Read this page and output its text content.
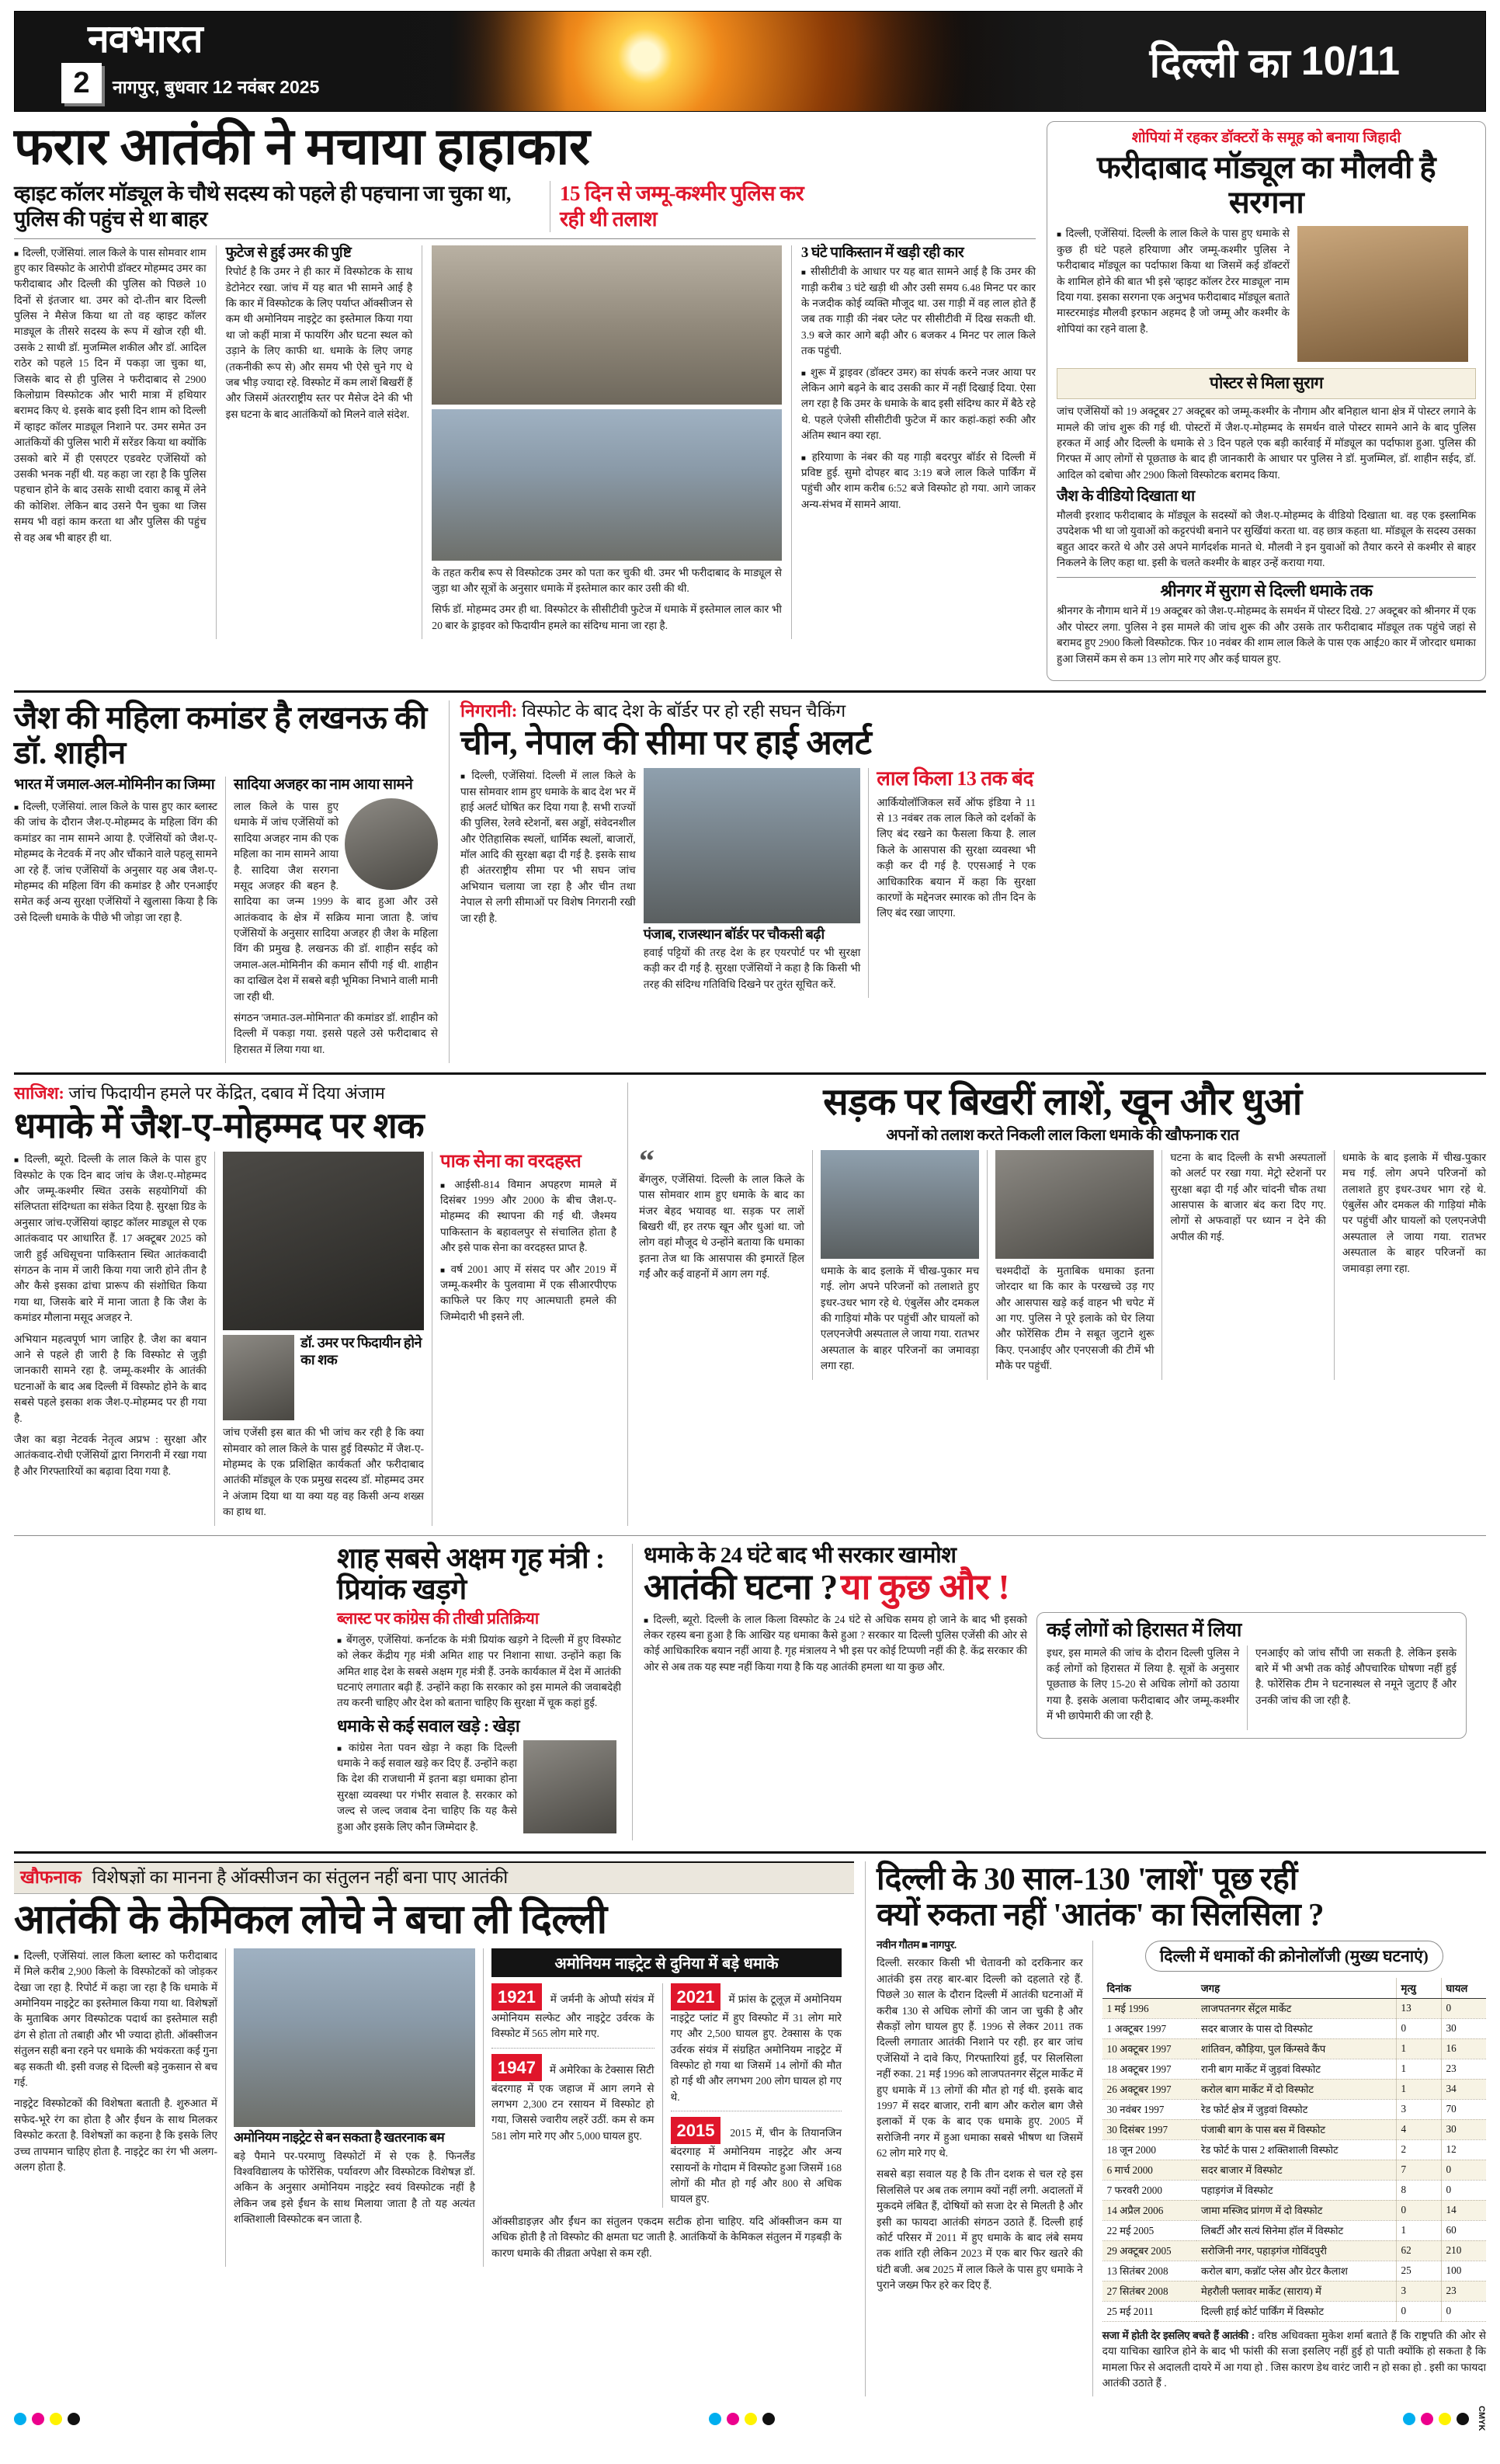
नवभारत
2	नागपुर, बुधवार 12 नवंबर 2025
दिल्ली का 10/11
फरार आतंकी ने मचाया हाहाकार
व्हाइट कॉलर मॉड्यूल के चौथे सदस्य को पहले ही पहचाना जा चुका था, पुलिस की पहुंच से था बाहर
15 दिन से जम्मू-कश्मीर पुलिस कर रही थी तलाश

■ दिल्ली, एजेंसियां. लाल किले के पास सोमवार शाम हुए कार विस्फोट के आरोपी डॉक्टर मोहम्मद उमर का फरीदाबाद और दिल्ली की पुलिस को पिछले 10 दिनों से इंतजार था. उमर को दो-तीन बार दिल्ली पुलिस ने मैसेज किया था तो वह व्हाइट कॉलर माड्यूल के तीसरे सदस्य के रूप में खोज रही थी. उसके 2 साथी डॉ. मुजम्मिल शकील और डॉ. आदिल राठेर को पहले 15 दिन में पकड़ा जा चुका था, जिसके बाद से ही पुलिस ने फरीदाबाद से 2900 किलोग्राम विस्फोटक और भारी मात्रा में हथियार बरामद किए थे. इसके बाद इसी दिन शाम को दिल्ली में व्हाइट कॉलर माड्यूल निशाने पर. उमर समेत उन आतंकियों की पुलिस भारी में सरेंडर किया था क्योंकि उसको बारे में ही एसएटर एडवरेट एजेंसियों को उसकी भनक नहीं थी. यह कहा जा रहा है कि पुलिस पहचान होने के बाद उसके साथी दवारा काबू में लेने की कोशिश. लेकिन बाद उसने पैन चुका था जिस समय भी वहां काम करता था और पुलिस की पहुंच से वह अब भी बाहर ही था.

फुटेज से हुई उमर की पुष्टि

रिपोर्ट है कि उमर ने ही कार में विस्फोटक के साथ डेटोनेटर रखा. जांच में यह बात भी सामने आई है कि कार में विस्फोटक के लिए पर्याप्त ऑक्सीजन से कम थी अमोनियम नाइट्रेट का इस्तेमाल किया गया था जो कहीं मात्रा में फायरिंग और घटना स्थल को उड़ाने के लिए काफी था. धमाके के लिए जगह (तकनीकी रूप से) और समय भी ऐसे चुने गए थे जब भीड़ ज्यादा रहे. विस्फोट में कम लाशें बिखरीं हैं और जिसमें अंतरराष्ट्रीय स्तर पर मैसेज देने की भी इस घटना के बाद आतंकियों को मिलने वाले संदेश.

के तहत करीब रूप से विस्फोटक उमर को पता कर चुकी थी. उमर भी फरीदाबाद के माड्यूल से जुड़ा था और सूत्रों के अनुसार धमाके में इस्तेमाल कार कार उसी की थी.

सिर्फ डॉ. मोहम्मद उमर ही था. विस्फोटर के सीसीटीवी फुटेज में धमाके में इस्तेमाल लाल कार भी 20 बार के ड्राइवर को फिदायीन हमले का संदिग्ध माना जा रहा है.

3 घंटे पाकिस्तान में खड़ी रही कार

■ सीसीटीवी के आधार पर यह बात सामने आई है कि उमर की गाड़ी करीब 3 घंटे खड़ी थी और उसी समय 6.48 मिनट पर कार के नजदीक कोई व्यक्ति मौजूद था. उस गाड़ी में वह लाल होते हैं जब तक गाड़ी की नंबर प्लेट पर सीसीटीवी में दिख सकती थी. 3.9 बजे कार आगे बढ़ी और 6 बजकर 4 मिनट पर लाल किले तक पहुंची.

■ शुरू में ड्राइवर (डॉक्टर उमर) का संपर्क करने नजर आया पर लेकिन आगे बढ़ने के बाद उसकी कार में नहीं दिखाई दिया. ऐसा लग रहा है कि उमर के धमाके के बाद इसी संदिग्ध कार में बैठे रहे थे. पहले एंजेसी सीसीटीवी फुटेज में कार कहां-कहां रुकी और अंतिम स्थान क्या रहा.

■ हरियाणा के नंबर की यह गाड़ी बदरपुर बॉर्डर से दिल्ली में प्रविष्ट हुई. सुमो दोपहर बाद 3:19 बजे लाल किले पार्किंग में पहुंची और शाम करीब 6:52 बजे विस्फोट हो गया. आगे जाकर अन्य-संभव में सामने आया.

शोपियां में रहकर डॉक्टरों के समूह को बनाया जिहादी
फरीदाबाद मॉड्यूल का मौलवी है सरगना

■ दिल्ली, एजेंसियां. दिल्ली के लाल किले के पास हुए धमाके से कुछ ही घंटे पहले हरियाणा और जम्मू-कश्मीर पुलिस ने फरीदाबाद मॉड्यूल का पर्दाफाश किया था जिसमें कई डॉक्टरों के शामिल होने की बात भी इसे 'व्हाइट कॉलर टेरर माड्यूल' नाम दिया गया. इसका सरगना एक अनुभव फरीदाबाद मॉड्यूल बताते मास्टरमाइंड मौलवी इरफान अहमद है जो जम्मू और कश्मीर के शोपियां का रहने वाला है.

पोस्टर से मिला सुराग

जांच एजेंसियों को 19 अक्टूबर 27 अक्टूबर को जम्मू-कश्मीर के नौगाम और बनिहाल थाना क्षेत्र में पोस्टर लगाने के मामले की जांच शुरू की गई थी. पोस्टरों में जैश-ए-मोहम्मद के समर्थन वाले पोस्टर सामने आने के बाद पुलिस हरकत में आई और दिल्ली के धमाके से 3 दिन पहले एक बड़ी कार्रवाई में मॉड्यूल का पर्दाफाश हुआ. पुलिस की गिरफ्त में आए लोगों से पूछताछ के बाद ही जानकारी के आधार पर पुलिस ने डॉ. मुजम्मिल, डॉ. शाहीन सईद, डॉ. आदिल को दबोचा और 2900 किलो विस्फोटक बरामद किया.

जैश के वीडियो दिखाता था

मौलवी इरशाद फरीदाबाद के मॉड्यूल के सदस्यों को जैश-ए-मोहम्मद के वीडियो दिखाता था. वह एक इस्लामिक उपदेशक भी था जो युवाओं को कट्टरपंथी बनाने पर सुर्खियां करता था. वह छात्र कहता था. मॉड्यूल के सदस्य उसका बहुत आदर करते थे और उसे अपने मार्गदर्शक मानते थे. मौलवी ने इन युवाओं को तैयार करने से कश्मीर से बाहर निकलने के लिए कहा था. इसी के चलते कश्मीर के बाहर उन्हें कराया गया.

श्रीनगर में सुराग से दिल्ली धमाके तक

श्रीनगर के नौगाम थाने में 19 अक्टूबर को जैश-ए-मोहम्मद के समर्थन में पोस्टर दिखे. 27 अक्टूबर को श्रीनगर में एक और पोस्टर लगा. पुलिस ने इस मामले की जांच शुरू की और उसके तार फरीदाबाद मॉड्यूल तक पहुंचे जहां से बरामद हुए 2900 किलो विस्फोटक. फिर 10 नवंबर की शाम लाल किले के पास एक आई20 कार में जोरदार धमाका हुआ जिसमें कम से कम 13 लोग मारे गए और कई घायल हुए.

जैश की महिला कमांडर है लखनऊ की डॉ. शाहीन
भारत में जमाल-अल-मोमिनीन का जिम्मा

■ दिल्ली, एजेंसियां. लाल किले के पास हुए कार ब्लास्ट की जांच के दौरान जैश-ए-मोहम्मद के महिला विंग की कमांडर का नाम सामने आया है. एजेंसियों को जैश-ए-मोहम्मद के नेटवर्क में नए और चौंकाने वाले पहलू सामने आ रहे हैं. जांच एजेंसियों के अनुसार यह अब जैश-ए-मोहम्मद की महिला विंग की कमांडर है और एनआईए समेत कई अन्य सुरक्षा एजेंसियों ने खुलासा किया है कि उसे दिल्ली धमाके के पीछे भी जोड़ा जा रहा है.

सादिया अजहर का नाम आया सामने

लाल किले के पास हुए धमाके में जांच एजेंसियों को सादिया अजहर नाम की एक महिला का नाम सामने आया है. सादिया जैश सरगना मसूद अजहर की बहन है. सादिया का जन्म 1999 के बाद हुआ और उसे आतंकवाद के क्षेत्र में सक्रिय माना जाता है. जांच एजेंसियों के अनुसार सादिया अजहर ही जैश के महिला विंग की प्रमुख है. लखनऊ की डॉ. शाहीन सईद को जमाल-अल-मोमिनीन की कमान सौंपी गई थी. शाहीन का दाखिल देश में सबसे बड़ी भूमिका निभाने वाली मानी जा रही थी.

संगठन 'जमात-उल-मोमिनात' की कमांडर डॉ. शाहीन को दिल्ली में पकड़ा गया. इससे पहले उसे फरीदाबाद से हिरासत में लिया गया था.

निगरानी: विस्फोट के बाद देश के बॉर्डर पर हो रही सघन चैकिंग
चीन, नेपाल की सीमा पर हाई अलर्ट

■ दिल्ली, एजेंसियां. दिल्ली में लाल किले के पास सोमवार शाम हुए धमाके के बाद देश भर में हाई अलर्ट घोषित कर दिया गया है. सभी राज्यों की पुलिस, रेलवे स्टेशनों, बस अड्डों, संवेदनशील और ऐतिहासिक स्थलों, धार्मिक स्थलों, बाजारों, मॉल आदि की सुरक्षा बढ़ा दी गई है. इसके साथ ही अंतरराष्ट्रीय सीमा पर भी सघन जांच अभियान चलाया जा रहा है और चीन तथा नेपाल से लगी सीमाओं पर विशेष निगरानी रखी जा रही है.

पंजाब, राजस्थान बॉर्डर पर चौकसी बढ़ी

हवाई पट्टियों की तरह देश के हर एयरपोर्ट पर भी सुरक्षा कड़ी कर दी गई है. सुरक्षा एजेंसियों ने कहा है कि किसी भी तरह की संदिग्ध गतिविधि दिखने पर तुरंत सूचित करें.

लाल किला 13 तक बंद

आर्कियोलॉजिकल सर्वे ऑफ इंडिया ने 11 से 13 नवंबर तक लाल किले को दर्शकों के लिए बंद रखने का फैसला किया है. लाल किले के आसपास की सुरक्षा व्यवस्था भी कड़ी कर दी गई है. एएसआई ने एक आधिकारिक बयान में कहा कि सुरक्षा कारणों के मद्देनजर स्मारक को तीन दिन के लिए बंद रखा जाएगा.

साजिश: जांच फिदायीन हमले पर केंद्रित, दबाव में दिया अंजाम
धमाके में जैश-ए-मोहम्मद पर शक

■ दिल्ली, ब्यूरो. दिल्ली के लाल किले के पास हुए विस्फोट के एक दिन बाद जांच के जैश-ए-मोहम्मद और जम्मू-कश्मीर स्थित उसके सहयोगियों की संलिप्तता संदिग्धता का संकेत दिया है. सुरक्षा ग्रिड के अनुसार जांच-एजेंसियां व्हाइट कॉलर माड्यूल से एक आतंकवाद पर आधारित हैं. 17 अक्टूबर 2025 को जारी हुई अधिसूचना पाकिस्तान स्थित आतंकवादी संगठन के नाम में जारी किया गया जारी होने तीन है और कैसे इसका ढांचा प्रारूप की संशोधित किया गया था, जिसके बारे में माना जाता है कि जैश के कमांडर मौलाना मसूद अजहर ने.

अभियान महत्वपूर्ण भाग जाहिर है. जैश का बयान आने से पहले ही जारी है कि विस्फोट से जुड़ी जानकारी सामने रहा है. जम्मू-कश्मीर के आतंकी घटनाओं के बाद अब दिल्ली में विस्फोट होने के बाद सबसे पहले इसका शक जैश-ए-मोहम्मद पर ही गया है.

जैश का बड़ा नेटवर्क नेतृत्व अप्रभ : सुरक्षा और आतंकवाद-रोधी एजेंसियों द्वारा निगरानी में रखा गया है और गिरफ्तारियों का बढ़ावा दिया गया है.

डॉ. उमर पर फिदायीन होने का शक

जांच एजेंसी इस बात की भी जांच कर रही है कि क्या सोमवार को लाल किले के पास हुई विस्फोट में जैश-ए-मोहम्मद के एक प्रशिक्षित कार्यकर्ता और फरीदाबाद आतंकी मॉड्यूल के एक प्रमुख सदस्य डॉ. मोहम्मद उमर ने अंजाम दिया था या क्या यह वह किसी अन्य शख्स का हाथ था.

पाक सेना का वरदहस्त

■ आईसी-814 विमान अपहरण मामले में दिसंबर 1999 और 2000 के बीच जैश-ए-मोहम्मद की स्थापना की गई थी. जैश्मय पाकिस्तान के बहावलपुर से संचालित होता है और इसे पाक सेना का वरदहस्त प्राप्त है.

■ वर्ष 2001 आए में संसद पर और 2019 में जम्मू-कश्मीर के पुलवामा में एक सीआरपीएफ काफिले पर किए गए आत्मघाती हमले की जिम्मेदारी भी इसने ली.

सड़क पर बिखरीं लाशें, खून और धुआं
अपनों को तलाश करते निकली लाल किला धमाके की खौफनाक रात
“

बेंगलुरु, एजेंसियां. दिल्ली के लाल किले के पास सोमवार शाम हुए धमाके के बाद का मंजर बेहद भयावह था. सड़क पर लाशें बिखरी थीं, हर तरफ खून और धुआं था. जो लोग वहां मौजूद थे उन्होंने बताया कि धमाका इतना तेज था कि आसपास की इमारतें हिल गईं और कई वाहनों में आग लग गई.	धमाके के बाद इलाके में चीख-पुकार मच गई. लोग अपने परिजनों को तलाशते हुए इधर-उधर भाग रहे थे. एंबुलेंस और दमकल की गाड़ियां मौके पर पहुंचीं और घायलों को एलएनजेपी अस्पताल ले जाया गया. रातभर अस्पताल के बाहर परिजनों का जमावड़ा लगा रहा.

चश्मदीदों के मुताबिक धमाका इतना जोरदार था कि कार के परखच्चे उड़ गए और आसपास खड़े कई वाहन भी चपेट में आ गए. पुलिस ने पूरे इलाके को घेर लिया और फोरेंसिक टीम ने सबूत जुटाने शुरू किए. एनआईए और एनएसजी की टीमें भी मौके पर पहुंचीं.

घटना के बाद दिल्ली के सभी अस्पतालों को अलर्ट पर रखा गया. मेट्रो स्टेशनों पर सुरक्षा बढ़ा दी गई और चांदनी चौक तथा आसपास के बाजार बंद करा दिए गए. लोगों से अफवाहों पर ध्यान न देने की अपील की गई.

धमाके के बाद इलाके में चीख-पुकार मच गई. लोग अपने परिजनों को तलाशते हुए इधर-उधर भाग रहे थे. एंबुलेंस और दमकल की गाड़ियां मौके पर पहुंचीं और घायलों को एलएनजेपी अस्पताल ले जाया गया. रातभर अस्पताल के बाहर परिजनों का जमावड़ा लगा रहा.

शाह सबसे अक्षम गृह मंत्री : प्रियांक खड़गे
ब्लास्ट पर कांग्रेस की तीखी प्रतिक्रिया

■ बेंगलुरु, एजेंसियां. कर्नाटक के मंत्री प्रियांक खड़गे ने दिल्ली में हुए विस्फोट को लेकर केंद्रीय गृह मंत्री अमित शाह पर निशाना साधा. उन्होंने कहा कि अमित शाह देश के सबसे अक्षम गृह मंत्री हैं. उनके कार्यकाल में देश में आतंकी घटनाएं लगातार बढ़ी हैं. उन्होंने कहा कि सरकार को इस मामले की जवाबदेही तय करनी चाहिए और देश को बताना चाहिए कि सुरक्षा में चूक कहां हुई.

धमाके से कई सवाल खड़े : खेड़ा

■ कांग्रेस नेता पवन खेड़ा ने कहा कि दिल्ली धमाके ने कई सवाल खड़े कर दिए हैं. उन्होंने कहा कि देश की राजधानी में इतना बड़ा धमाका होना सुरक्षा व्यवस्था पर गंभीर सवाल है. सरकार को जल्द से जल्द जवाब देना चाहिए कि यह कैसे हुआ और इसके लिए कौन जिम्मेदार है.

धमाके के 24 घंटे बाद भी सरकार खामोश
आतंकी घटना ? या कुछ और !

■ दिल्ली, ब्यूरो. दिल्ली के लाल किला विस्फोट के 24 घंटे से अधिक समय हो जाने के बाद भी इसको लेकर रहस्य बना हुआ है कि आखिर यह धमाका कैसे हुआ ? सरकार या दिल्ली पुलिस एजेंसी की ओर से कोई आधिकारिक बयान नहीं आया है. गृह मंत्रालय ने भी इस पर कोई टिप्पणी नहीं की है. केंद्र सरकार की ओर से अब तक यह स्पष्ट नहीं किया गया है कि यह आतंकी हमला था या कुछ और.

कई लोगों को हिरासत में लिया

इधर, इस मामले की जांच के दौरान दिल्ली पुलिस ने कई लोगों को हिरासत में लिया है. सूत्रों के अनुसार पूछताछ के लिए 15-20 से अधिक लोगों को उठाया गया है. इसके अलावा फरीदाबाद और जम्मू-कश्मीर में भी छापेमारी की जा रही है.

एनआईए को जांच सौंपी जा सकती है. लेकिन इसके बारे में भी अभी तक कोई औपचारिक घोषणा नहीं हुई है. फोरेंसिक टीम ने घटनास्थल से नमूने जुटाए हैं और उनकी जांच की जा रही है.

खौफनाक विशेषज्ञों का मानना है ऑक्सीजन का संतुलन नहीं बना पाए आतंकी
आतंकी के केमिकल लोचे ने बचा ली दिल्ली

■ दिल्ली, एजेंसियां. लाल किला ब्लास्ट को फरीदाबाद में मिले करीब 2,900 किलो के विस्फोटकों को जोड़कर देखा जा रहा है. रिपोर्ट में कहा जा रहा है कि धमाके में अमोनियम नाइट्रेट का इस्तेमाल किया गया था. विशेषज्ञों के मुताबिक अगर विस्फोटक पदार्थ का इस्तेमाल सही ढंग से होता तो तबाही और भी ज्यादा होती. ऑक्सीजन संतुलन सही बना रहने पर धमाके की भयंकरता कई गुना बढ़ सकती थी. इसी वजह से दिल्ली बड़े नुकसान से बच गई.

नाइट्रेट विस्फोटकों की विशेषता बताती है. शुरुआत में सफेद-भूरे रंग का होता है और ईंधन के साथ मिलकर विस्फोट करता है. विशेषज्ञों का कहना है कि इसके लिए उच्च तापमान चाहिए होता है. नाइट्रेट का रंग भी अलग-अलग होता है.

अमोनियम नाइट्रेट से बन सकता है खतरनाक बम

बड़े पैमाने पर-परमाणु विस्फोटों में से एक है. फिनलैंड विश्वविद्यालय के फोरेंसिक, पर्यावरण और विस्फोटक विशेषज्ञ डॉ. अकिन के अनुसार अमोनियम नाइट्रेट स्वयं विस्फोटक नहीं है लेकिन जब इसे ईंधन के साथ मिलाया जाता है तो यह अत्यंत शक्तिशाली विस्फोटक बन जाता है.

अमोनियम नाइट्रेट से दुनिया में बड़े धमाके
1921 में जर्मनी के ओप्पौ संयंत्र में अमोनियम सल्फेट और नाइट्रेट उर्वरक के विस्फोट में 565 लोग मारे गए.
1947 में अमेरिका के टेक्सास सिटी बंदरगाह में एक जहाज में आग लगने से लगभग 2,300 टन रसायन में विस्फोट हो गया, जिससे ज्वारीय लहरें उठीं. कम से कम 581 लोग मारे गए और 5,000 घायल हुए.
2021 में फ्रांस के टूलूज़ में अमोनियम नाइट्रेट प्लांट में हुए विस्फोट में 31 लोग मारे गए और 2,500 घायल हुए. टेक्सास के एक उर्वरक संयंत्र में संग्रहित अमोनियम नाइट्रेट में विस्फोट हो गया था जिसमें 14 लोगों की मौत हो गई थी और लगभग 200 लोग घायल हो गए थे.
2015 2015 में, चीन के तियानजिन बंदरगाह में अमोनियम नाइट्रेट और अन्य रसायनों के गोदाम में विस्फोट हुआ जिसमें 168 लोगों की मौत हो गई और 800 से अधिक घायल हुए.

ऑक्सीडाइज़र और ईंधन का संतुलन एकदम सटीक होना चाहिए. यदि ऑक्सीजन कम या अधिक होती है तो विस्फोट की क्षमता घट जाती है. आतंकियों के केमिकल संतुलन में गड़बड़ी के कारण धमाके की तीव्रता अपेक्षा से कम रही.

दिल्ली के 30 साल-130 'लाशें' पूछ रहीं
क्यों रुकता नहीं 'आतंक' का सिलसिला ?
नवीन गौतम ■ नागपुर.

दिल्ली. सरकार किसी भी चेतावनी को दरकिनार कर आतंकी इस तरह बार-बार दिल्ली को दहलाते रहे हैं. पिछले 30 साल के दौरान दिल्ली में आतंकी घटनाओं में करीब 130 से अधिक लोगों की जान जा चुकी है और सैकड़ों लोग घायल हुए हैं. 1996 से लेकर 2011 तक दिल्ली लगातार आतंकी निशाने पर रही. हर बार जांच एजेंसियों ने दावे किए, गिरफ्तारियां हुईं, पर सिलसिला नहीं रुका. 21 मई 1996 को लाजपतनगर सेंट्रल मार्केट में हुए धमाके में 13 लोगों की मौत हो गई थी. इसके बाद 1997 में सदर बाजार, रानी बाग और करोल बाग जैसे इलाकों में एक के बाद एक धमाके हुए. 2005 में सरोजिनी नगर में हुआ धमाका सबसे भीषण था जिसमें 62 लोग मारे गए थे.

सबसे बड़ा सवाल यह है कि तीन दशक से चल रहे इस सिलसिले पर अब तक लगाम क्यों नहीं लगी. अदालतों में मुकदमे लंबित हैं, दोषियों को सजा देर से मिलती है और इसी का फायदा आतंकी संगठन उठाते हैं. दिल्ली हाई कोर्ट परिसर में 2011 में हुए धमाके के बाद लंबे समय तक शांति रही लेकिन 2023 में एक बार फिर खतरे की घंटी बजी. अब 2025 में लाल किले के पास हुए धमाके ने पुराने जख्म फिर हरे कर दिए हैं.

दिल्ली में धमाकों की क्रोनोलॉजी (मुख्य घटनाएं)
दिनांक	जगह	मृत्यु	घायल
1 मई 1996	लाजपतनगर सेंट्रल मार्केट	13	0
1 अक्टूबर 1997	सदर बाजार के पास दो विस्फोट	0	30
10 अक्टूबर 1997	शांतिवन, कौड़िया, पुल किंग्सवे कैंप	1	16
18 अक्टूबर 1997	रानी बाग मार्केट में जुड़वां विस्फोट	1	23
26 अक्टूबर 1997	करोल बाग मार्केट में दो विस्फोट	1	34
30 नवंबर 1997	रेड फोर्ट क्षेत्र में जुड़वां विस्फोट	3	70
30 दिसंबर 1997	पंजाबी बाग के पास बस में विस्फोट	4	30
18 जून 2000	रेड फोर्ट के पास 2 शक्तिशाली विस्फोट	2	12
6 मार्च 2000	सदर बाजार में विस्फोट	7	0
7 फरवरी 2000	पहाड़गंज में विस्फोट	8	0
14 अप्रैल 2006	जामा मस्जिद प्रांगण में दो विस्फोट	0	14
22 मई 2005	लिबर्टी और सत्यं सिनेमा हॉल में विस्फोट	1	60
29 अक्टूबर 2005	सरोजिनी नगर, पहाड़गंज गोविंदपुरी	62	210
13 सितंबर 2008	करोल बाग, कन्नॉट प्लेस और ग्रेटर कैलाश	25	100
27 सितंबर 2008	मेहरौली फ्लावर मार्केट (साराय) में	3	23
25 मई 2011	दिल्ली हाई कोर्ट पार्किंग में विस्फोट	0	0

सजा में होती देर इसलिए बचते हैं आतंकी : वरिष्ठ अधिवक्ता मुकेश शर्मा बताते हैं कि राष्ट्रपति की ओर से दया याचिका खारिज होने के बाद भी फांसी की सजा इसलिए नहीं हुई हो पाती क्योंकि हो सकता है कि मामला फिर से अदालती दायरे में आ गया हो . जिस कारण डेथ वारंट जारी न हो सका हो . इसी का फायदा आतंकी उठाते हैं .

CMYK
